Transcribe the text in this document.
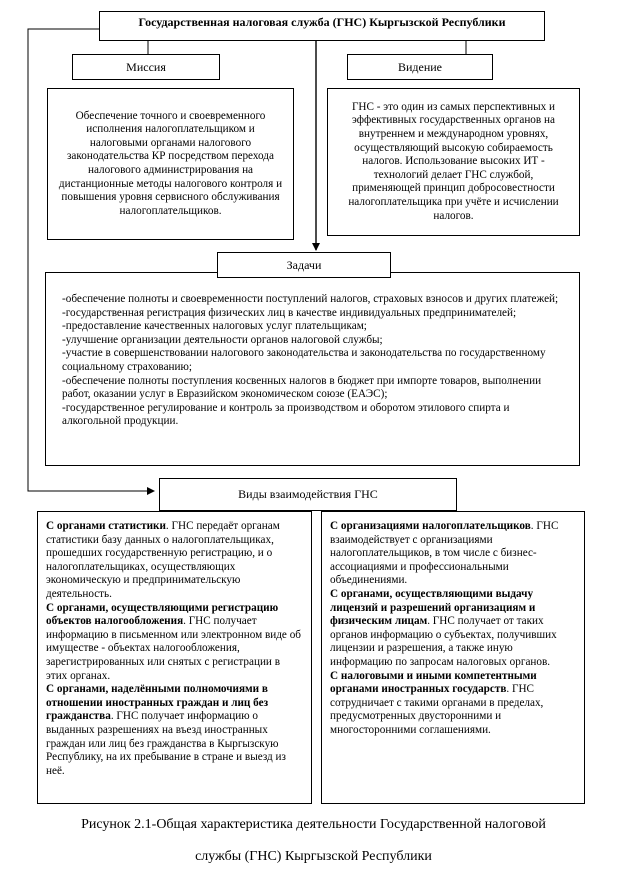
Государственная налоговая служба (ГНС) Кыргызской Республики
Миссия
Обеспечение точного и своевременного исполнения налогоплательщиком и налоговыми органами налогового законодательства КР посредством перехода налогового администрирования на дистанционные методы налогового контроля и повышения уровня сервисного обслуживания налогоплательщиков.
Видение
ГНС - это один из самых перспективных и эффективных государственных органов на внутреннем и международном уровнях, осуществляющий высокую собираемость налогов. Использование высоких ИТ - технологий делает ГНС службой, применяющей принцип добросовестности налогоплательщика при учёте и исчислении налогов.
-обеспечение полноты и своевременности поступлений налогов, страховых взносов и других платежей;
-государственная регистрация физических лиц в качестве индивидуальных предпринимателей;
-предоставление качественных налоговых услуг плательщикам;
-улучшение организации деятельности органов налоговой службы;
-участие в совершенствовании налогового законодательства и законодательства по государственному социальному страхованию;
-обеспечение полноты поступления косвенных налогов в бюджет при импорте товаров, выполнении работ, оказании услуг в Евразийском экономическом союзе (ЕАЭС);
-государственное регулирование и контроль за производством и оборотом этилового спирта и алкогольной продукции.
Задачи
Виды взаимодействия ГНС

С органами статистики. ГНС передаёт органам статистики базу данных о налогоплательщиках, прошедших государственную регистрацию, и о налогоплательщиках, осуществляющих экономическую и предпринимательскую деятельность.

С органами, осуществляющими регистрацию объектов налогообложения. ГНС получает информацию в письменном или электронном виде об имуществе - объектах налогообложения, зарегистрированных или снятых с регистрации в этих органах.

С органами, наделёнными полномочиями в отношении иностранных граждан и лиц без гражданства. ГНС получает информацию о выданных разрешениях на въезд иностранных граждан или лиц без гражданства в Кыргызскую Республику, на их пребывание в стране и выезд из неё.

С организациями налогоплательщиков. ГНС взаимодействует с организациями налогоплательщиков, в том числе с бизнес-ассоциациями и профессиональными объединениями.

С органами, осуществляющими выдачу лицензий и разрешений организациям и физическим лицам. ГНС получает от таких органов информацию о субъектах, получивших лицензии и разрешения, а также иную информацию по запросам налоговых органов.

С налоговыми и иными компетентными органами иностранных государств. ГНС сотрудничает с такими органами в пределах, предусмотренных двусторонними и многосторонними соглашениями.

Рисунок 2.1-Общая характеристика деятельности Государственной налоговой
службы (ГНС) Кыргызской Республики
